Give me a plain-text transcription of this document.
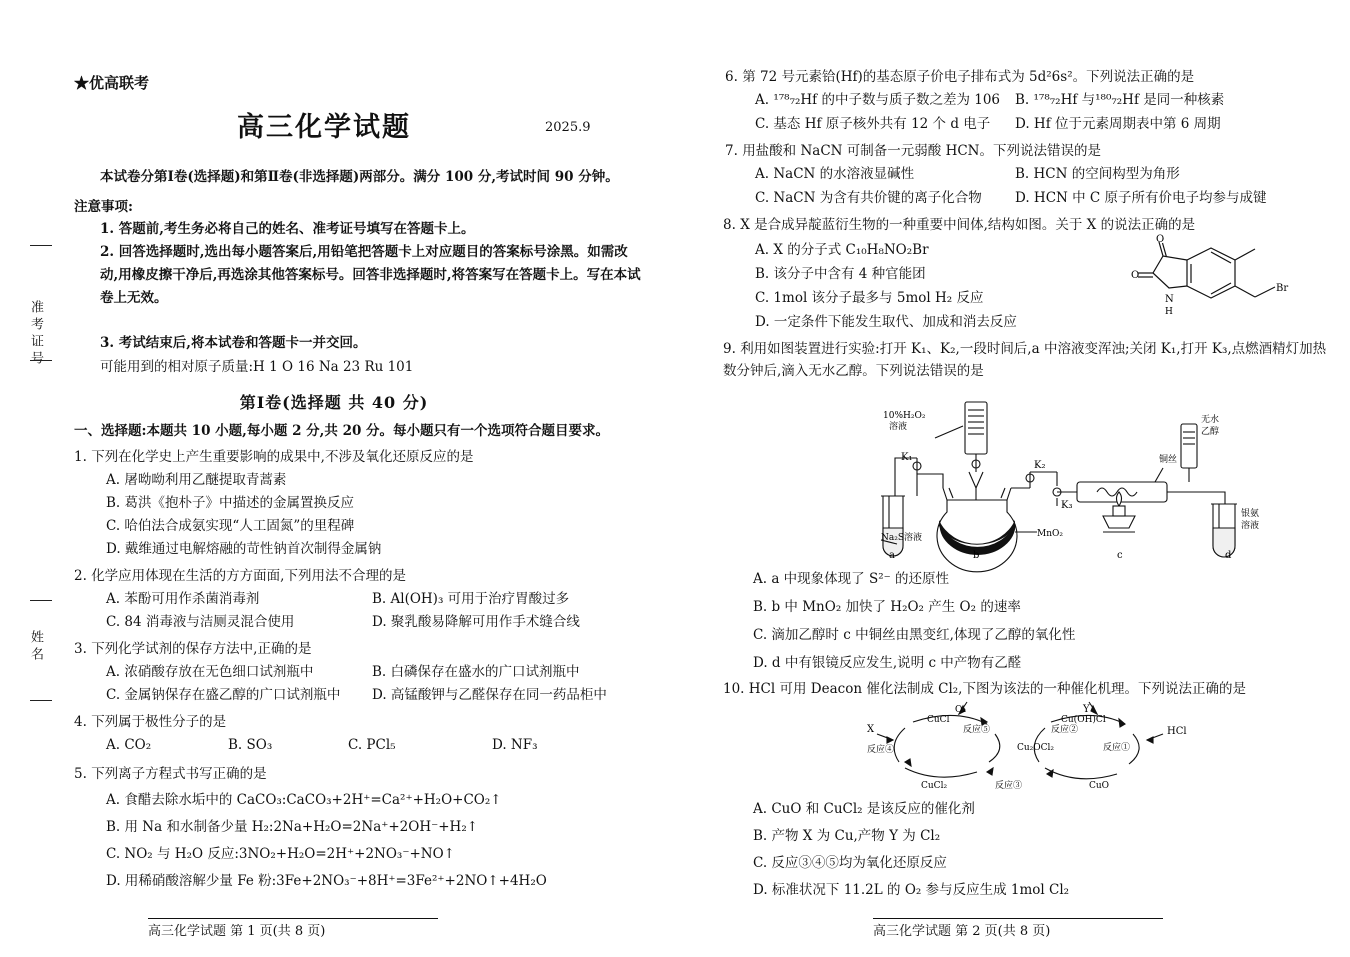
准考证号
姓名
★优高联考
高三化学试题	2025.9
本试卷分第Ⅰ卷(选择题)和第Ⅱ卷(非选择题)两部分。满分 100 分,考试时间 90 分钟。
注意事项:
1. 答题前,考生务必将自己的姓名、准考证号填写在答题卡上。
2. 回答选择题时,选出每小题答案后,用铅笔把答题卡上对应题目的答案标号涂黑。如需改动,用橡皮擦干净后,再选涂其他答案标号。回答非选择题时,将答案写在答题卡上。写在本试卷上无效。
3. 考试结束后,将本试卷和答题卡一并交回。
可能用到的相对原子质量:H 1 O 16 Na 23 Ru 101
第Ⅰ卷(选择题 共 40 分)
一、选择题:本题共 10 小题,每小题 2 分,共 20 分。每小题只有一个选项符合题目要求。
1. 下列在化学史上产生重要影响的成果中,不涉及氧化还原反应的是
A. 屠呦呦利用乙醚提取青蒿素
B. 葛洪《抱朴子》中描述的金属置换反应
C. 哈伯法合成氨实现“人工固氮”的里程碑
D. 戴维通过电解熔融的苛性钠首次制得金属钠
2. 化学应用体现在生活的方方面面,下列用法不合理的是
A. 苯酚可用作杀菌消毒剂	B. Al(OH)₃ 可用于治疗胃酸过多
C. 84 消毒液与洁厕灵混合使用	D. 聚乳酸易降解可用作手术缝合线
3. 下列化学试剂的保存方法中,正确的是
A. 浓硝酸存放在无色细口试剂瓶中	B. 白磷保存在盛水的广口试剂瓶中
C. 金属钠保存在盛乙醇的广口试剂瓶中 D. 高锰酸钾与乙醛保存在同一药品柜中
4. 下列属于极性分子的是
A. CO₂	B. SO₃	C. PCl₅	D. NF₃
5. 下列离子方程式书写正确的是
A. 食醋去除水垢中的 CaCO₃:CaCO₃+2H⁺=Ca²⁺+H₂O+CO₂↑
B. 用 Na 和水制备少量 H₂:2Na+H₂O=2Na⁺+2OH⁻+H₂↑
C. NO₂ 与 H₂O 反应:3NO₂+H₂O=2H⁺+2NO₃⁻+NO↑
D. 用稀硝酸溶解少量 Fe 粉:3Fe+2NO₃⁻+8H⁺=3Fe²⁺+2NO↑+4H₂O
高三化学试题 第 1 页(共 8 页)
6. 第 72 号元素铪(Hf)的基态原子价电子排布式为 5d²6s²。下列说法正确的是
A. ¹⁷⁸₇₂Hf 的中子数与质子数之差为 106 B. ¹⁷⁸₇₂Hf 与¹⁸⁰₇₂Hf 是同一种核素
C. 基态 Hf 原子核外共有 12 个 d 电子 D. Hf 位于元素周期表中第 6 周期
7. 用盐酸和 NaCN 可制备一元弱酸 HCN。下列说法错误的是
A. NaCN 的水溶液显碱性	B. HCN 的空间构型为角形
C. NaCN 为含有共价键的离子化合物 D. HCN 中 C 原子所有价电子均参与成键
8. X 是合成异靛蓝衍生物的一种重要中间体,结构如图。关于 X 的说法正确的是
A. X 的分子式 C₁₀H₈NO₂Br
B. 该分子中含有 4 种官能团
C. 1mol 该分子最多与 5mol H₂ 反应
D. 一定条件下能发生取代、加成和消去反应
O
O
N
H
Br
9. 利用如图装置进行实验:打开 K₁、K₂,一段时间后,a 中溶液变浑浊;关闭 K₁,打开 K₃,点燃酒精灯加热数分钟后,滴入无水乙醇。下列说法错误的是
10%H₂O₂
溶液
K₁
K₂
K₃
Na₂S溶液	MnO₂
铜丝
无水
乙醇
银氨
溶液
a	b	c	d
A. a 中现象体现了 S²⁻ 的还原性
B. b 中 MnO₂ 加快了 H₂O₂ 产生 O₂ 的速率
C. 滴加乙醇时 c 中铜丝由黑变红,体现了乙醇的氧化性
D. d 中有银镜反应发生,说明 c 中产物有乙醛
10. HCl 可用 Deacon 催化法制成 Cl₂,下图为该法的一种催化机理。下列说法正确的是
O₂
X
Y
HCl
CuCl	Cu(OH)Cl
Cu₂OCl₂
CuCl₂	CuO
反应①
反应②
反应③
反应④
反应⑤
A. CuO 和 CuCl₂ 是该反应的催化剂
B. 产物 X 为 Cu,产物 Y 为 Cl₂
C. 反应③④⑤均为氧化还原反应
D. 标准状况下 11.2L 的 O₂ 参与反应生成 1mol Cl₂
高三化学试题 第 2 页(共 8 页)
